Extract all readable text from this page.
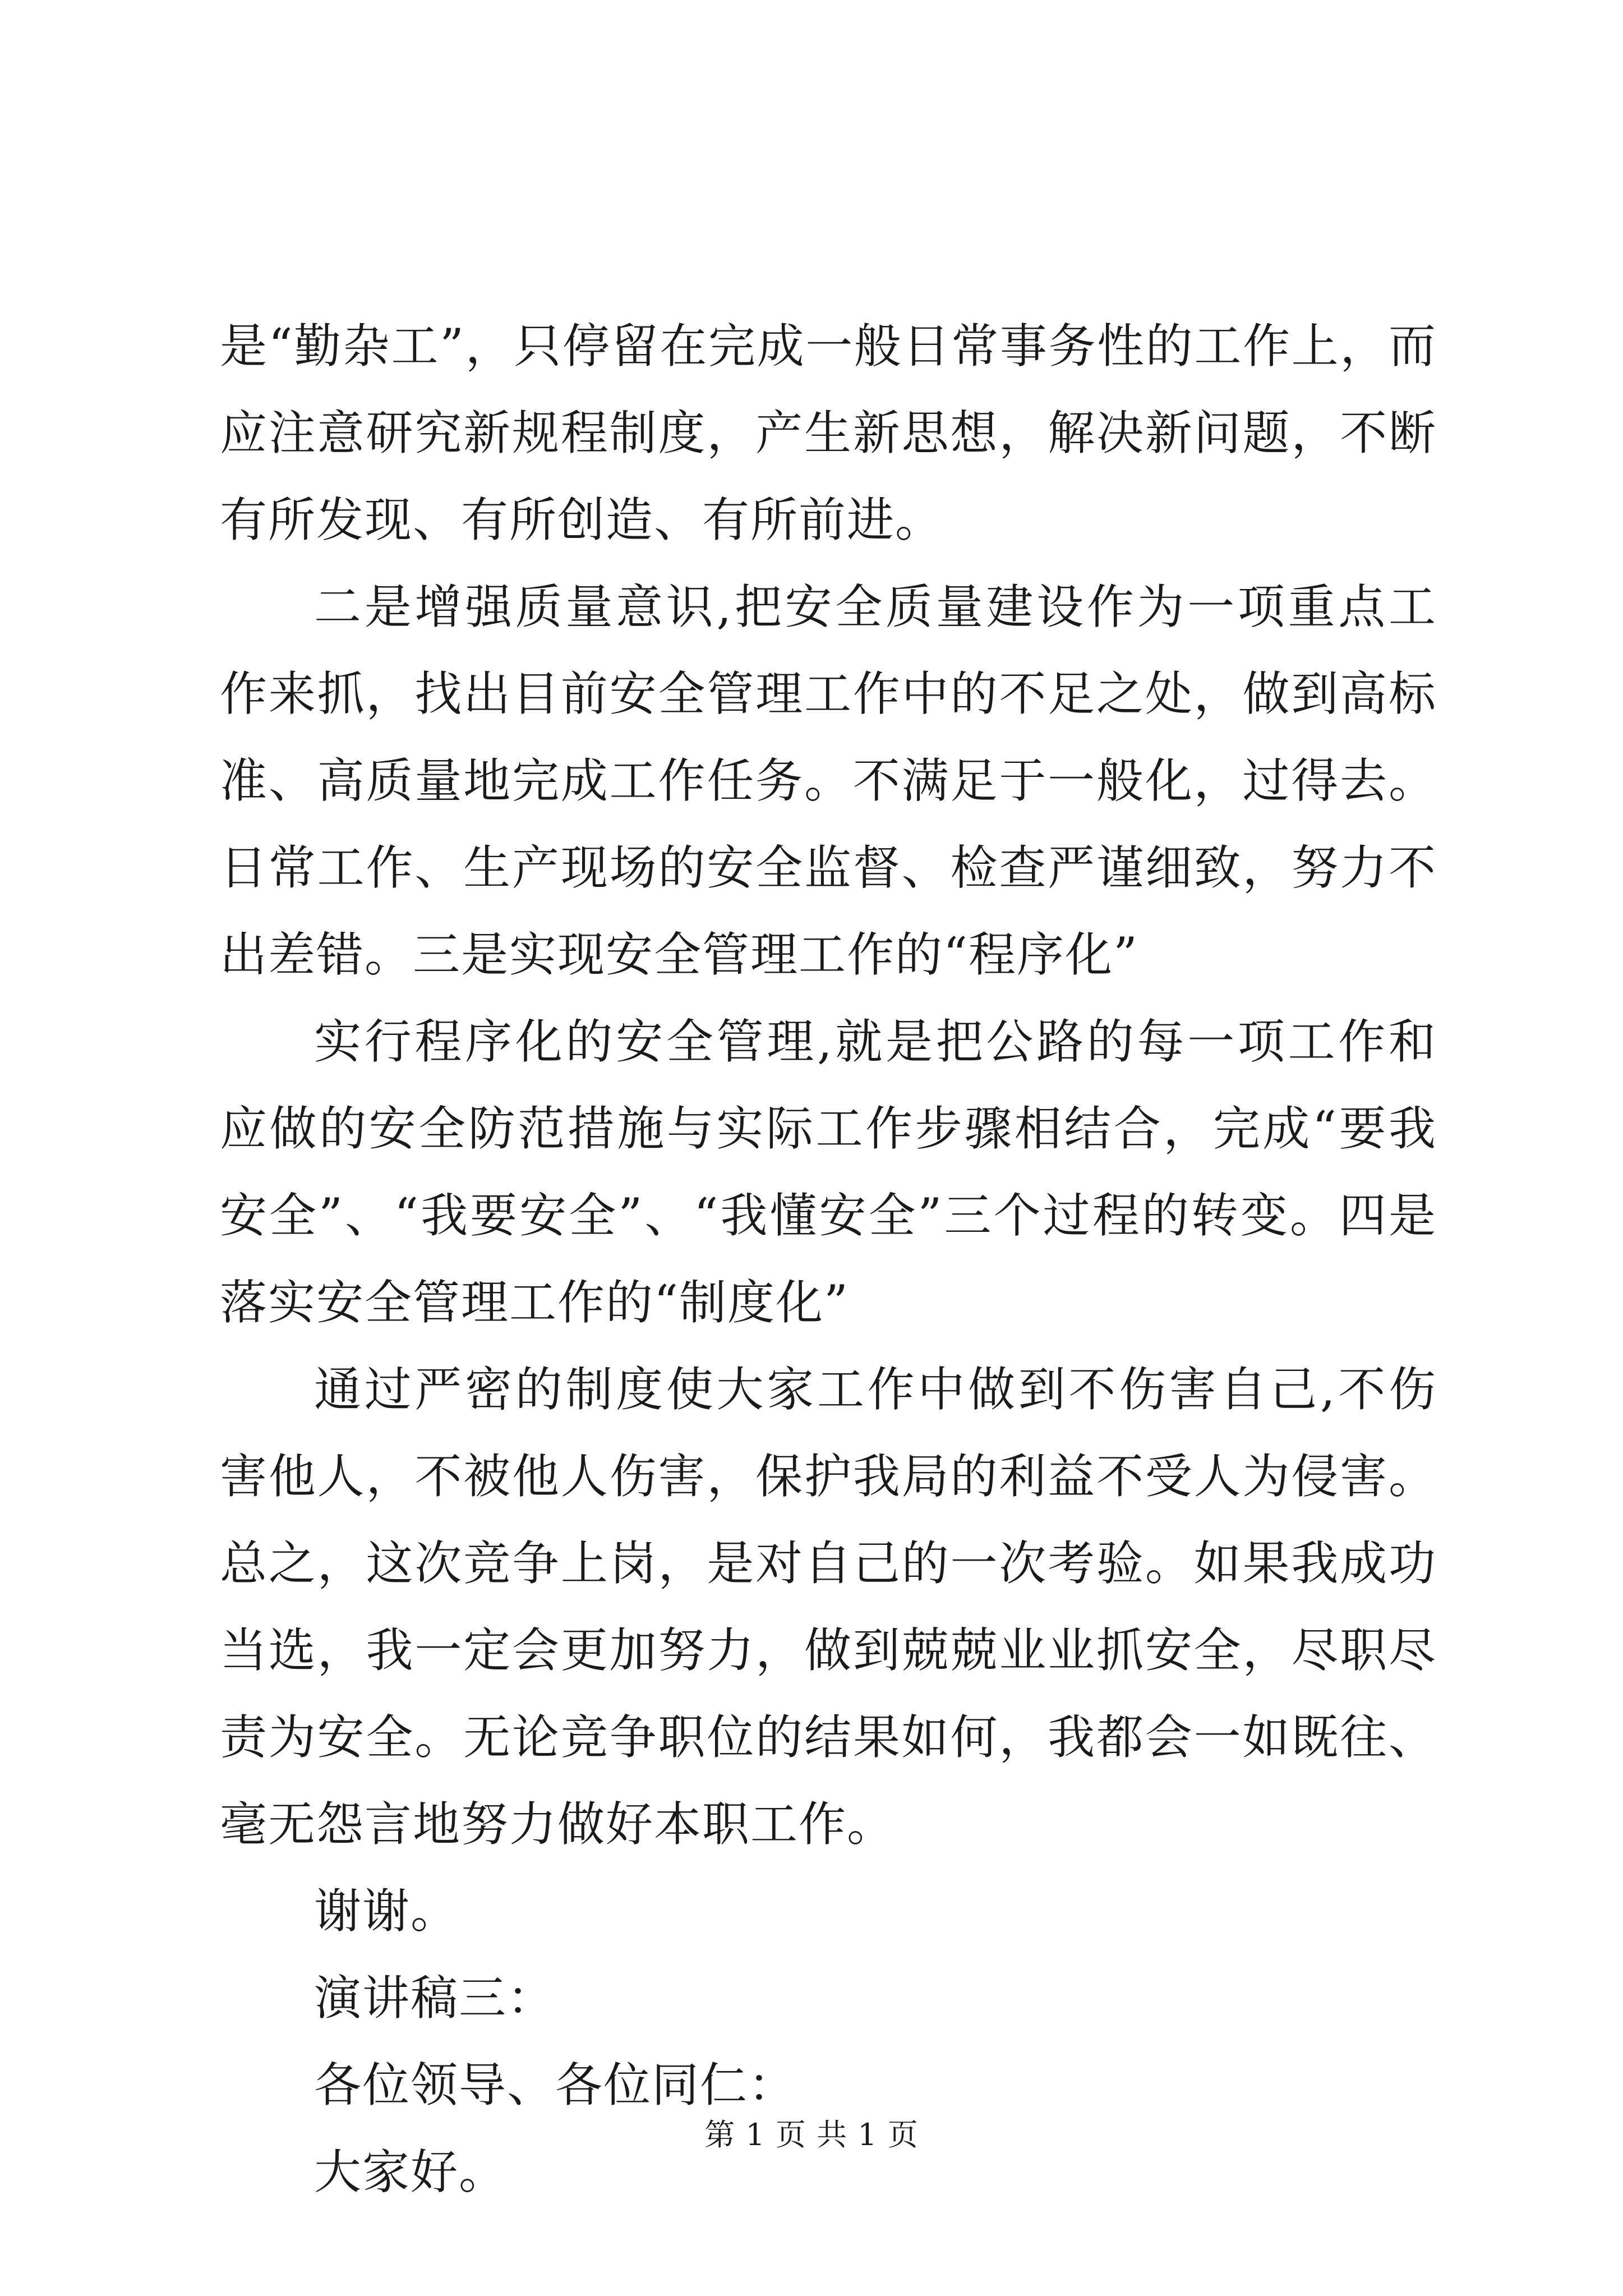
是“勤杂工”，只停留在完成一般日常事务性的工作上，而应注意研究新规程制度，产生新思想，解决新问题，不断有所发现、有所创造、有所前进。

二是增强质量意识,把安全质量建设作为一项重点工作来抓，找出目前安全管理工作中的不足之处，做到高标准、高质量地完成工作任务。不满足于一般化，过得去。日常工作、生产现场的安全监督、检查严谨细致，努力不出差错。三是实现安全管理工作的“程序化”

实行程序化的安全管理,就是把公路的每一项工作和应做的安全防范措施与实际工作步骤相结合，完成“要我安全”、“我要安全”、“我懂安全”三个过程的转变。四是落实安全管理工作的“制度化”

通过严密的制度使大家工作中做到不伤害自己,不伤害他人，不被他人伤害，保护我局的利益不受人为侵害。总之，这次竞争上岗，是对自己的一次考验。如果我成功当选，我一定会更加努力，做到兢兢业业抓安全，尽职尽责为安全。无论竞争职位的结果如何，我都会一如既往、毫无怨言地努力做好本职工作。

谢谢。

演讲稿三：

各位领导、各位同仁：

大家好。

第 1 页 共 1 页
